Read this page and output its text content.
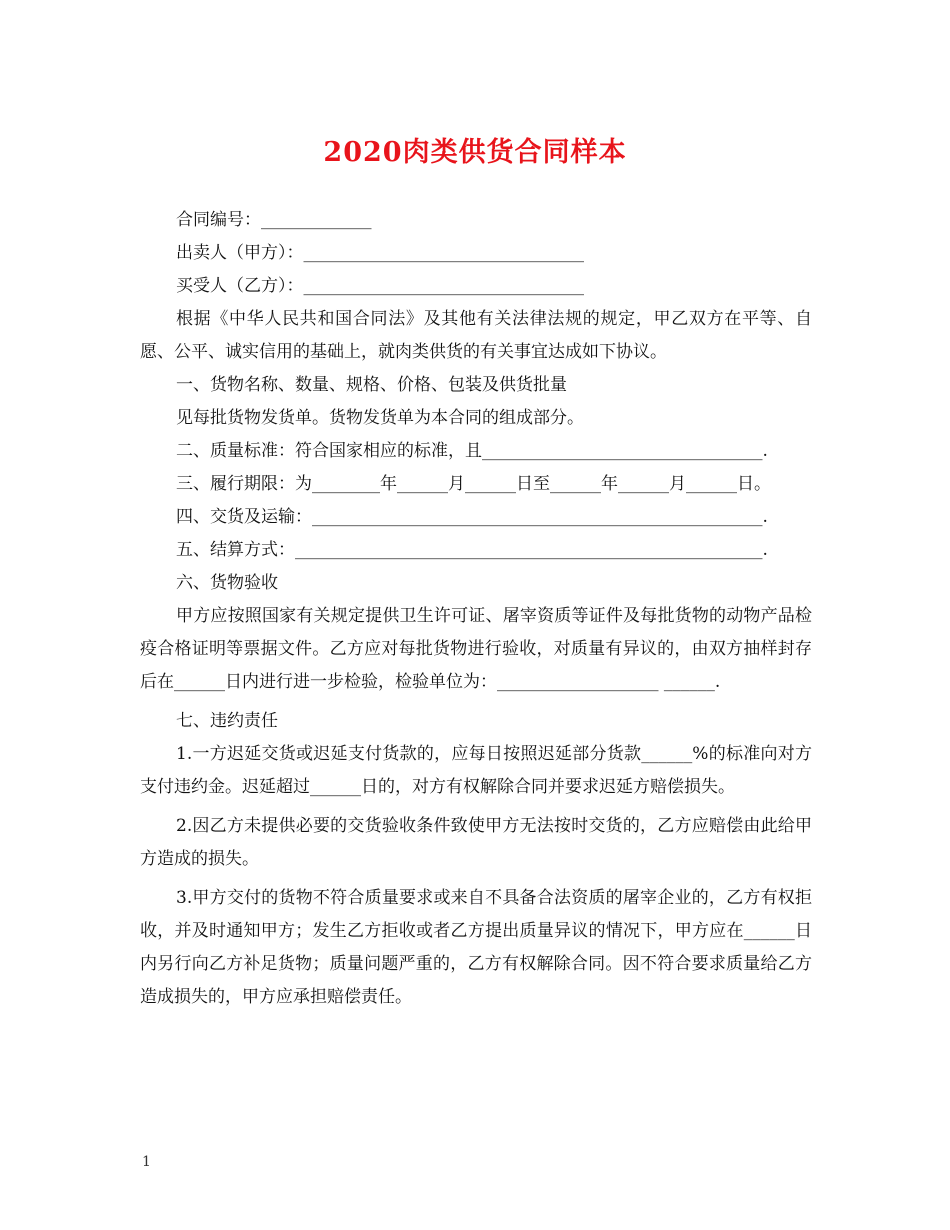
2020肉类供货合同样本
合同编号：_____________
出卖人（甲方）：_________________________________
买受人（乙方）：_________________________________
根据《中华人民共和国合同法》及其他有关法律法规的规定，甲乙双方在平等、自愿、公平、诚实信用的基础上，就肉类供货的有关事宜达成如下协议。
一、货物名称、数量、规格、价格、包装及供货批量
见每批货物发货单。货物发货单为本合同的组成部分。
二、质量标准：符合国家相应的标准，且_________________________________.
三、履行期限：为________年______月______日至______年______月______日。
四、交货及运输：_____________________________________________________.
五、结算方式：_______________________________________________________.
六、货物验收
甲方应按照国家有关规定提供卫生许可证、屠宰资质等证件及每批货物的动物产品检疫合格证明等票据文件。乙方应对每批货物进行验收，对质量有异议的，由双方抽样封存后在______日内进行进一步检验，检验单位为：___________________ ______.
七、违约责任
1.一方迟延交货或迟延支付货款的，应每日按照迟延部分货款______%的标准向对方支付违约金。迟延超过______日的，对方有权解除合同并要求迟延方赔偿损失。
2.因乙方未提供必要的交货验收条件致使甲方无法按时交货的，乙方应赔偿由此给甲方造成的损失。
3.甲方交付的货物不符合质量要求或来自不具备合法资质的屠宰企业的，乙方有权拒收，并及时通知甲方；发生乙方拒收或者乙方提出质量异议的情况下，甲方应在______日内另行向乙方补足货物；质量问题严重的，乙方有权解除合同。因不符合要求质量给乙方造成损失的，甲方应承担赔偿责任。
1
